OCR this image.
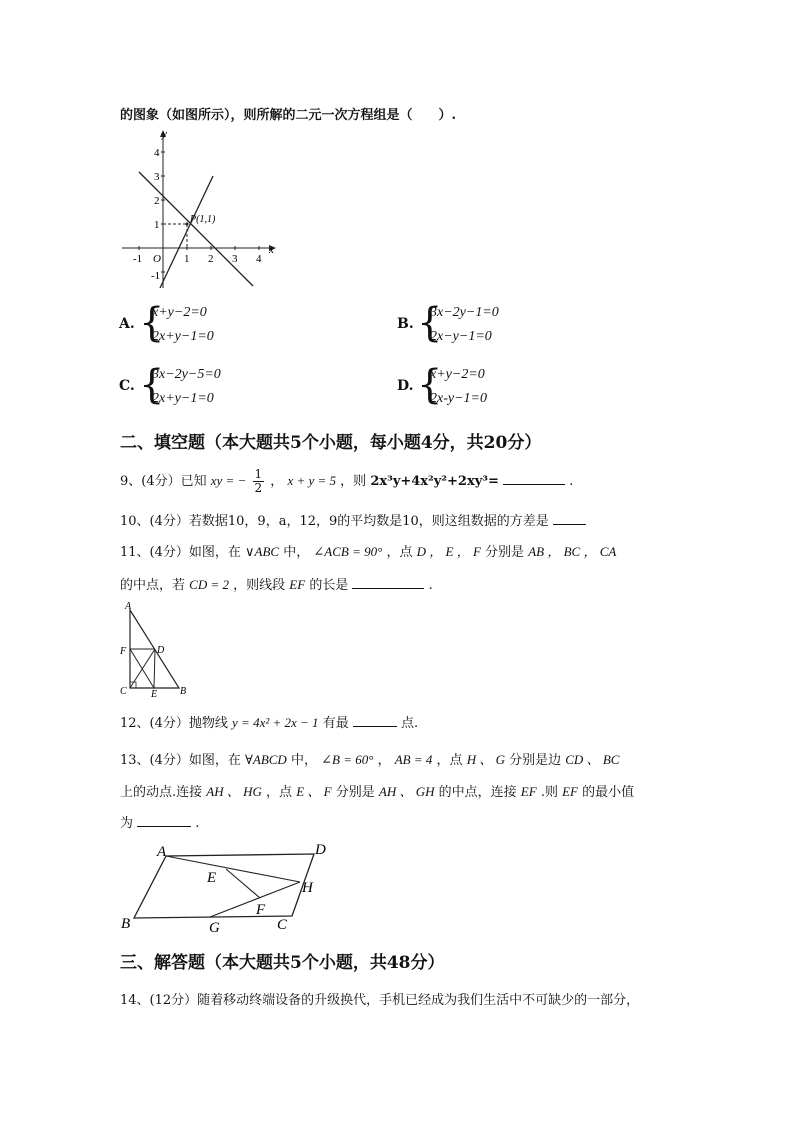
的图象（如图所示），则所解的二元一次方程组是（　　）.
x
y
-1	1 2 3 4
O
-1
1
2
3
4
P(1,1)
A. {
x+y−2=0
2x+y−1=0
B. {
3x−2y−1=0
2x−y−1=0
C. {
3x−2y−5=0
2x+y−1=0
D. {
x+y−2=0
2x-y−1=0
二、填空题（本大题共5个小题，每小题4分，共20分）
9、(4分）已知 xy = − $\frac{1}{2}$ ， x + y = 5 ，则 2x³y+4x²y²+2xy³=	.
10、(4分）若数据10，9，a，12，9的平均数是10，则这组数据的方差是
11、(4分）如图，在 ∨ABC 中， ∠ACB = 90° ，点 D ， E ， F 分别是 AB ， BC ， CA
的中点，若 CD = 2 ，则线段 EF 的长是	.
A
B
C
D
E
F
12、(4分）抛物线 y = 4x² + 2x − 1 有最	点.
13、(4分）如图，在 ∀ABCD 中， ∠B = 60° ， AB = 4 ，点 H 、 G 分别是边 CD 、 BC
上的动点.连接 AH 、 HG ，点 E 、 F 分别是 AH 、 GH 的中点，连接 EF .则 EF 的最小值
为	.
A	D
B	C
G
H
E
F
三、解答题（本大题共5个小题，共48分）
14、(12分）随着移动终端设备的升级换代，手机已经成为我们生活中不可缺少的一部分，
